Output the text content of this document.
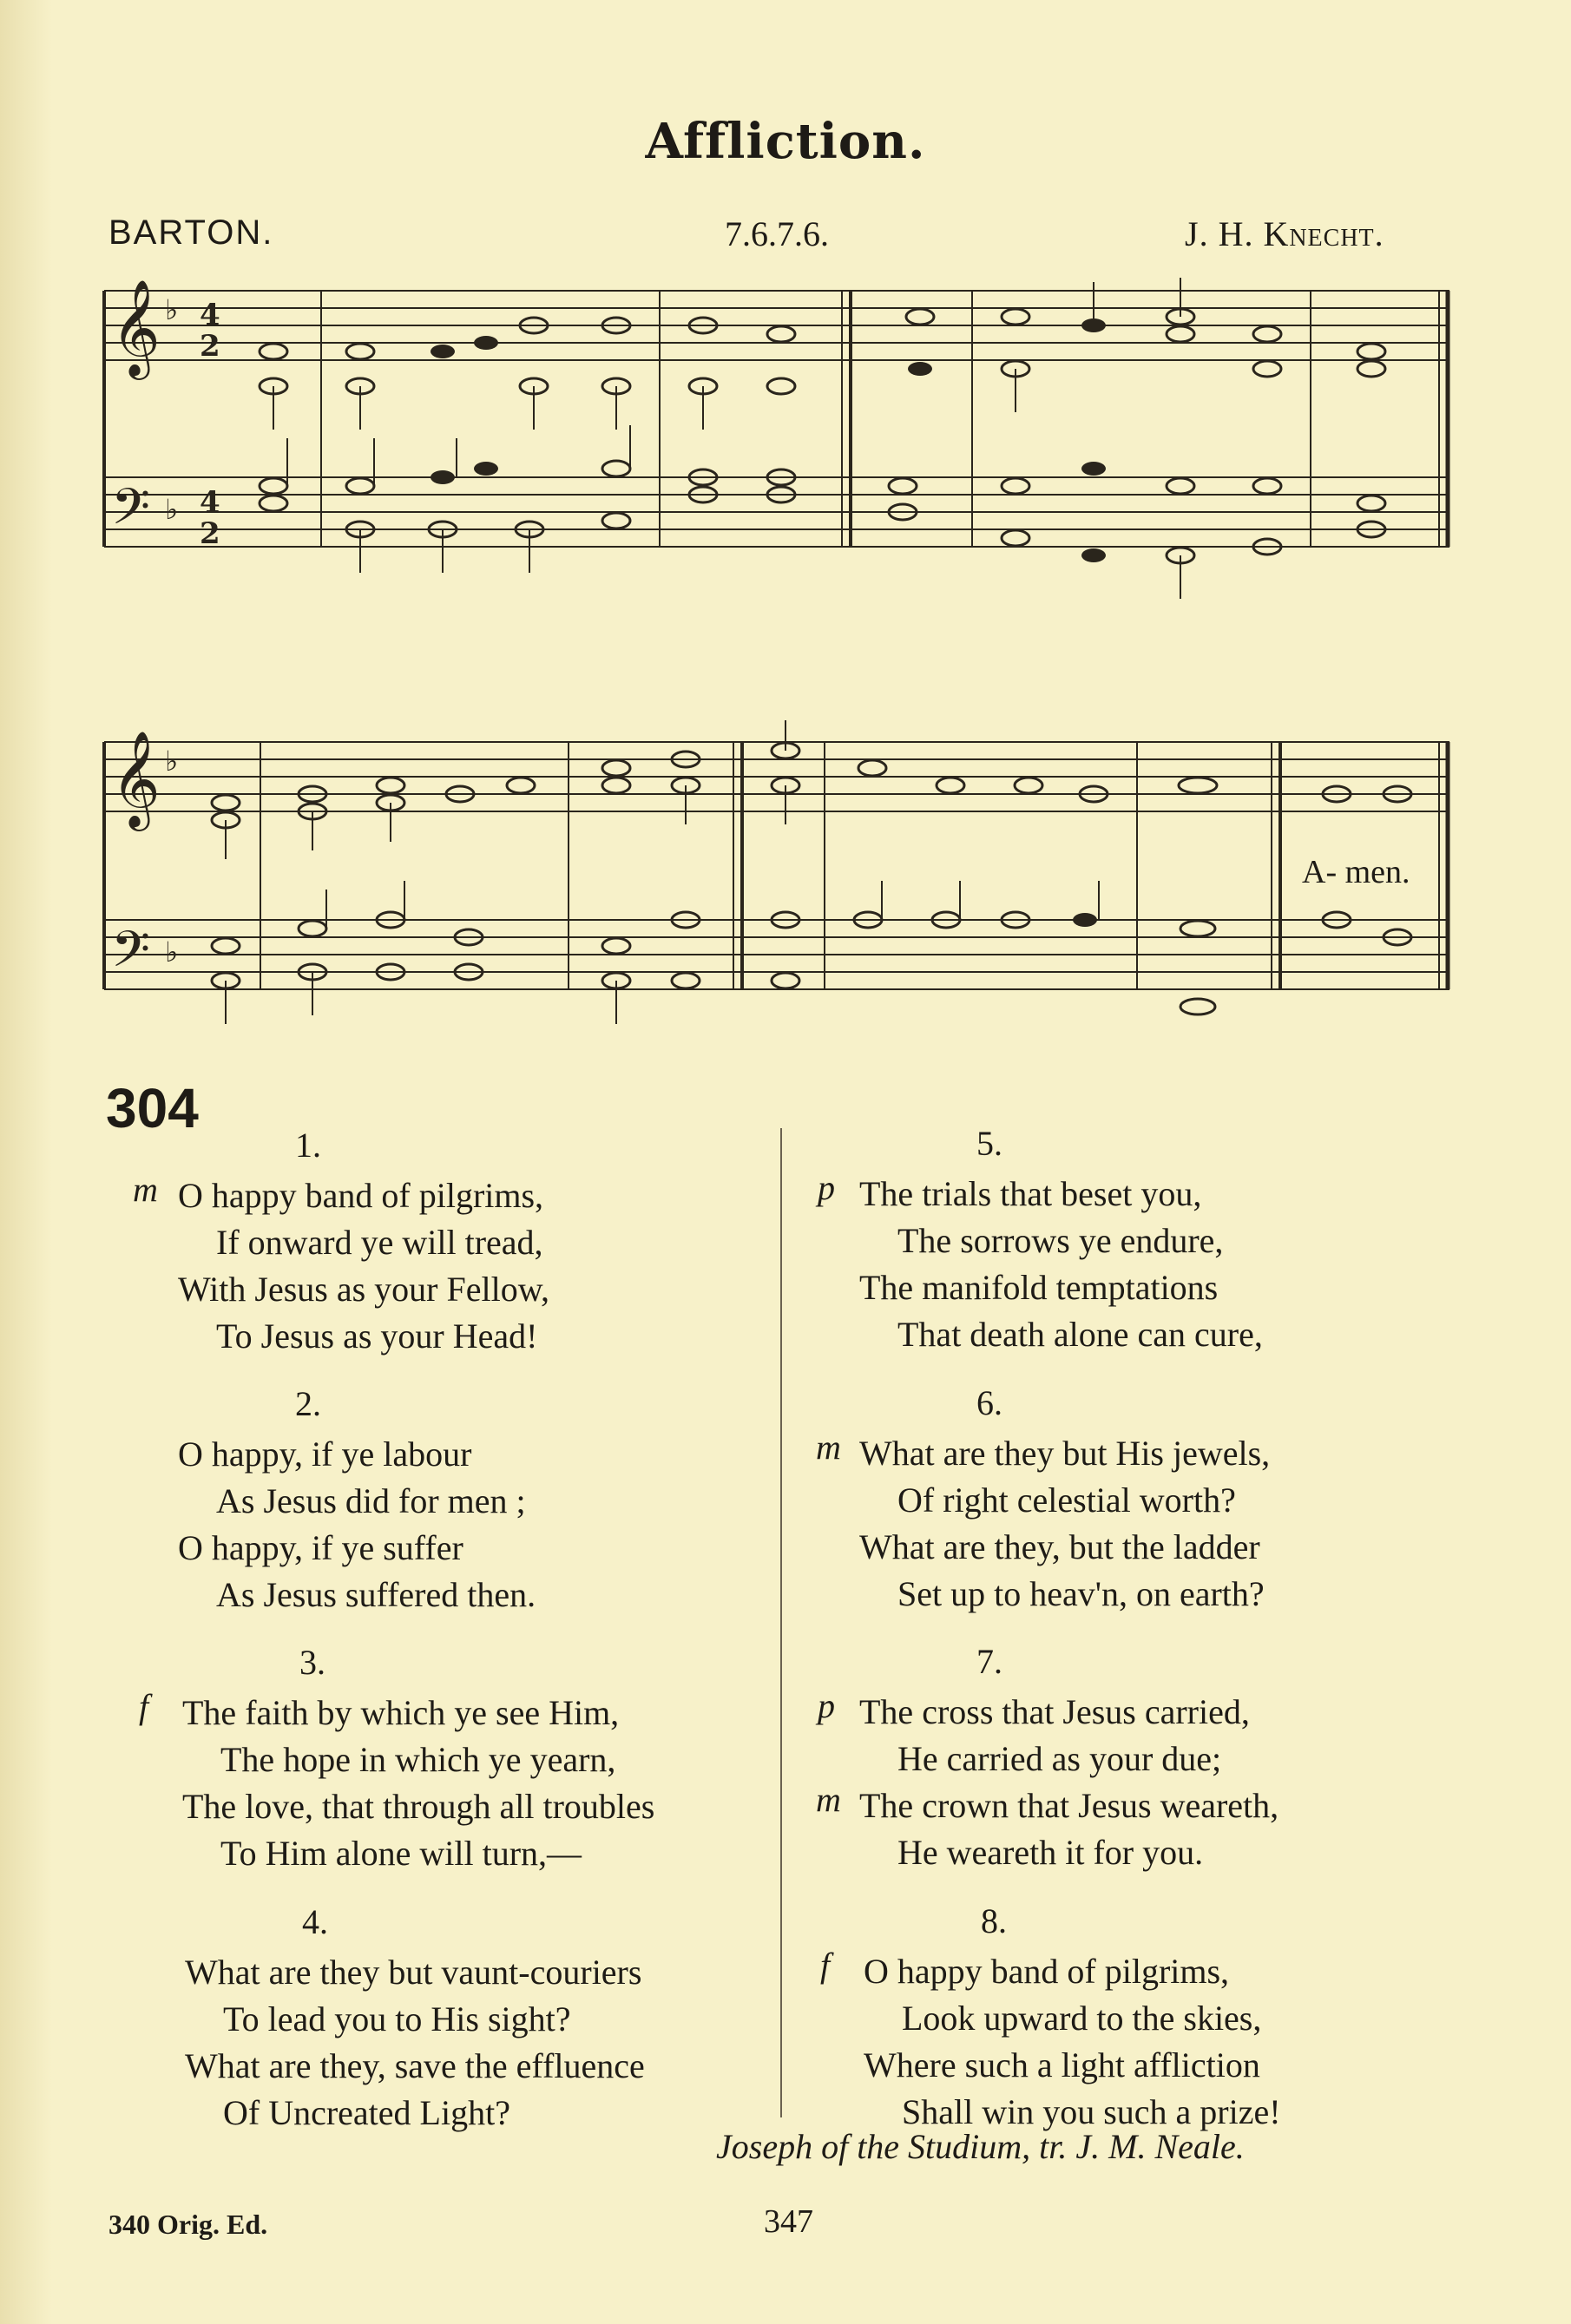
Affliction.
BARTON.	7.6.7.6.	J. H. Knecht.
𝄞
𝄢
♭
♭
4
2
4
2
𝄞
𝄢
♭
♭
A- men.
304
1.
O happy band of pilgrims,
If onward ye will tread,
With Jesus as your Fellow,
To Jesus as your Head!
m
2.
O happy, if ye labour
As Jesus did for men ;
O happy, if ye suffer
As Jesus suffered then.
3.
The faith by which ye see Him,
The hope in which ye yearn,
The love, that through all troubles
To Him alone will turn,—
f
4.
What are they but vaunt-couriers
To lead you to His sight?
What are they, save the effluence
Of Uncreated Light?
5.
The trials that beset you,
The sorrows ye endure,
The manifold temptations
That death alone can cure,
p
6.
What are they but His jewels,
Of right celestial worth?
What are they, but the ladder
Set up to heav'n, on earth?
m
7.
The cross that Jesus carried,
He carried as your due;
The crown that Jesus weareth,
He weareth it for you.
p
m
8.
O happy band of pilgrims,
Look upward to the skies,
Where such a light affliction
Shall win you such a prize!
f
Joseph of the Studium, tr. J. M. Neale.
340 Orig. Ed.	347
